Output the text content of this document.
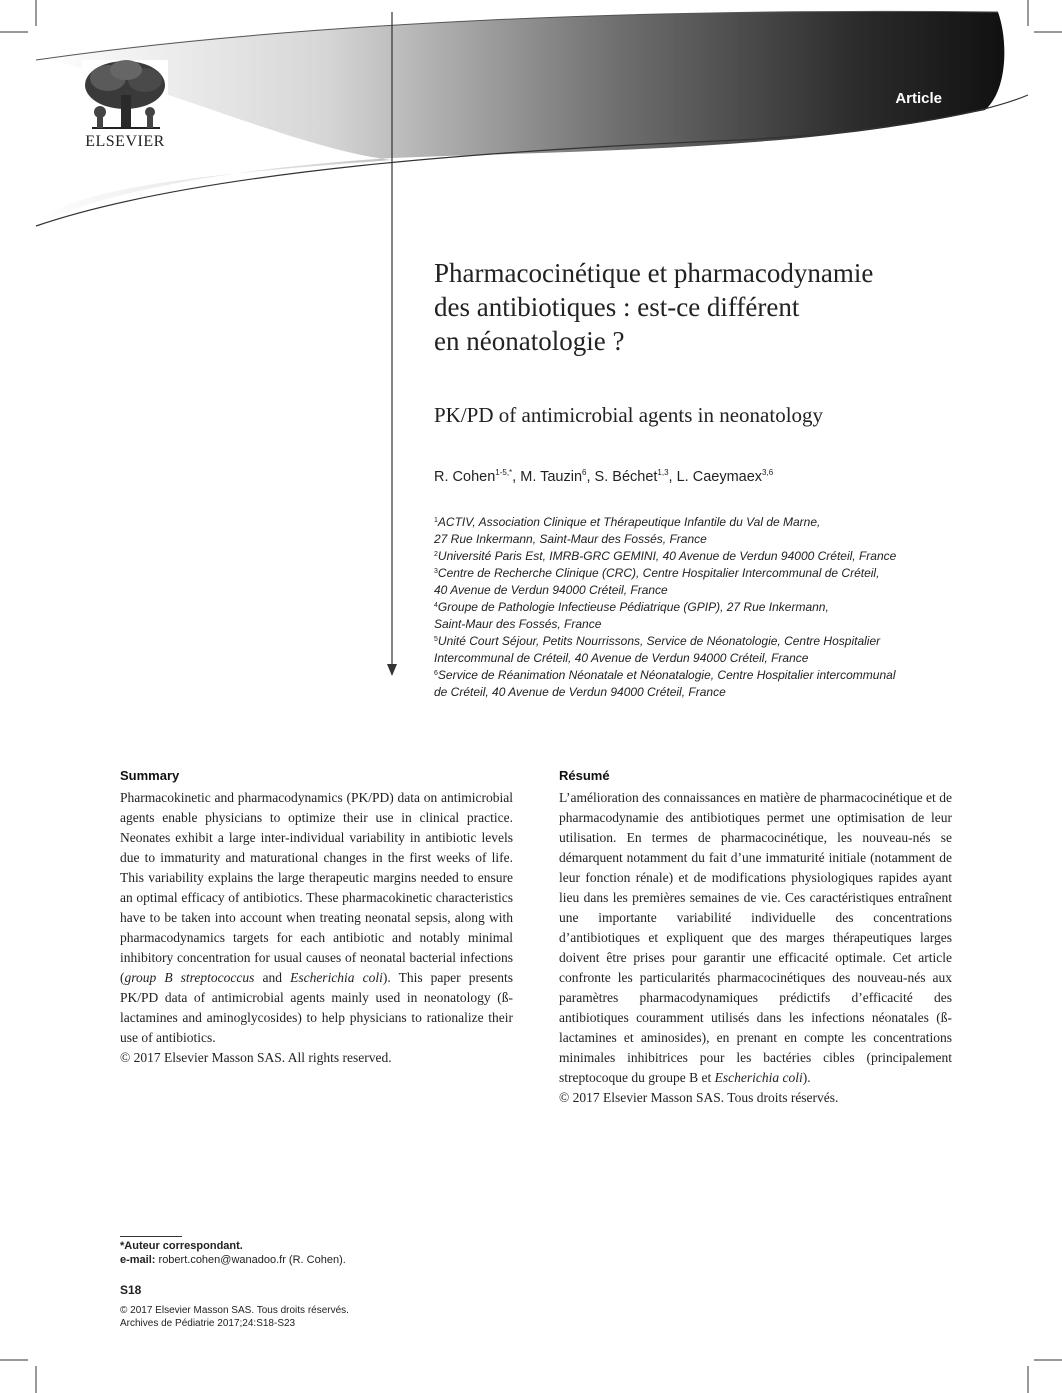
ELSEVIER
Article
Pharmacocinétique et pharmacodynamie
des antibiotiques : est-ce différent
en néonatologie ?
PK/PD of antimicrobial agents in neonatology
R. Cohen$^{1-5,*}$, M. Tauzin$^6$, S. Béchet$^{1,3}$, L. Caeymaex$^{3,6}$
$^1$ACTIV, Association Clinique et Thérapeutique Infantile du Val de Marne,
27 Rue Inkermann, Saint-Maur des Fossés, France
$^2$Université Paris Est, IMRB-GRC GEMINI, 40 Avenue de Verdun 94000 Créteil, France
$^3$Centre de Recherche Clinique (CRC), Centre Hospitalier Intercommunal de Créteil,
40 Avenue de Verdun 94000 Créteil, France
$^4$Groupe de Pathologie Infectieuse Pédiatrique (GPIP), 27 Rue Inkermann,
Saint-Maur des Fossés, France
$^5$Unité Court Séjour, Petits Nourrissons, Service de Néonatologie, Centre Hospitalier
Intercommunal de Créteil, 40 Avenue de Verdun 94000 Créteil, France
$^6$Service de Réanimation Néonatale et Néonatalogie, Centre Hospitalier intercommunal
de Créteil, 40 Avenue de Verdun 94000 Créteil, France
Summary

Pharmacokinetic and pharmacodynamics (PK/PD) data on antimicrobial agents enable physicians to optimize their use in clinical practice. Neonates exhibit a large inter-individual variability in antibiotic levels due to immaturity and maturational changes in the first weeks of life. This variability explains the large therapeutic margins needed to ensure an optimal efficacy of antibiotics. These pharmacokinetic characteristics have to be taken into account when treating neonatal sepsis, along with pharmacodynamics targets for each antibiotic and notably minimal inhibitory concentration for usual causes of neonatal bacterial infections (group B streptococcus and Escherichia coli). This paper presents PK/PD data of antimicrobial agents mainly used in neonatology (ß-lactamines and aminoglycosides) to help physicians to rationalize their use of antibiotics.

© 2017 Elsevier Masson SAS. All rights reserved.

Résumé

L’amélioration des connaissances en matière de pharmacocinétique et de pharmacodynamie des antibiotiques permet une optimisation de leur utilisation. En termes de pharmacocinétique, les nouveau-nés se démarquent notamment du fait d’une immaturité initiale (notamment de leur fonction rénale) et de modifications physiologiques rapides ayant lieu dans les premières semaines de vie. Ces caractéristiques entraînent une importante variabilité individuelle des concentrations d’antibiotiques et expliquent que des marges thérapeutiques larges doivent être prises pour garantir une efficacité optimale. Cet article confronte les particularités pharmacocinétiques des nouveau-nés aux paramètres pharmacodynamiques prédictifs d’efficacité des antibiotiques couramment utilisés dans les infections néonatales (ß-lactamines et aminosides), en prenant en compte les concentrations minimales inhibitrices pour les bactéries cibles (principalement streptocoque du groupe B et Escherichia coli).

© 2017 Elsevier Masson SAS. Tous droits réservés.

*Auteur correspondant.
e-mail: robert.cohen@wanadoo.fr (R. Cohen).
S18
© 2017 Elsevier Masson SAS. Tous droits réservés.
Archives de Pédiatrie 2017;24:S18-S23
